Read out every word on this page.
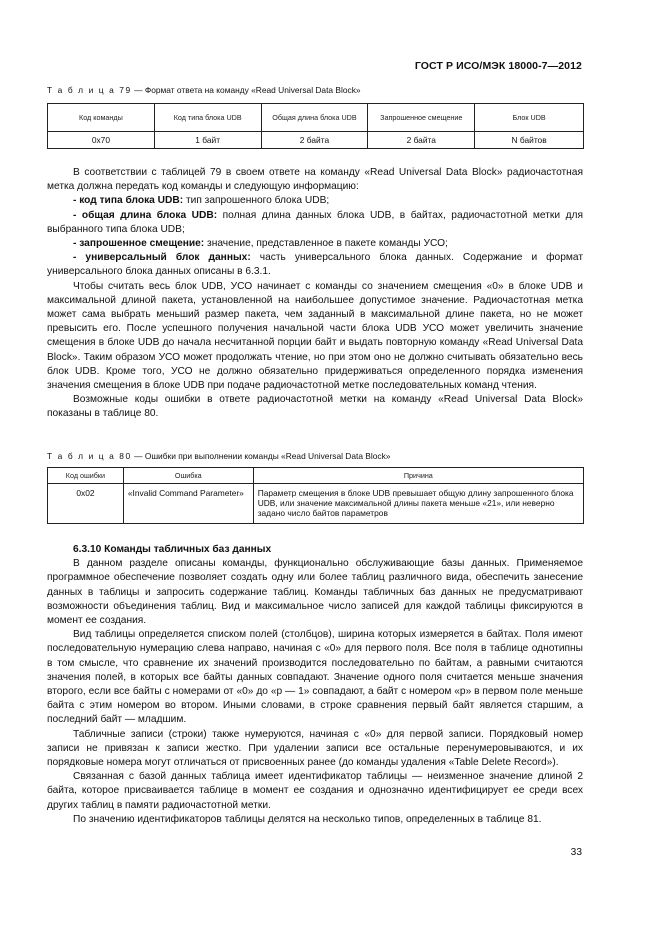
ГОСТ Р ИСО/МЭК 18000-7—2012
Т а б л и ц а 79 — Формат ответа на команду «Read Universal Data Block»
Код команды	Код типа блока UDB	Общая длина блока UDB	Запрошенное смещение	Блок UDB
0x70	1 байт	2 байта	2 байта	N байтов

В соответствии с таблицей 79 в своем ответе на команду «Read Universal Data Block» радиочастотная метка должна передать код команды и следующую информацию:

- код типа блока UDB: тип запрошенного блока UDB;

- общая длина блока UDB: полная длина данных блока UDB, в байтах, радиочастотной метки для выбранного типа блока UDB;

- запрошенное смещение: значение, представленное в пакете команды УСО;

- универсальный блок данных: часть универсального блока данных. Содержание и формат универсального блока данных описаны в 6.3.1.

Чтобы считать весь блок UDB, УСО начинает с команды со значением смещения «0» в блоке UDB и максимальной длиной пакета, установленной на наибольшее допустимое значение. Радиочастотная метка может сама выбрать меньший размер пакета, чем заданный в максимальной длине пакета, но не может превысить его. После успешного получения начальной части блока UDB УСО может увеличить значение смещения в блоке UDB до начала несчитанной порции байт и выдать повторную команду «Read Universal Data Block». Таким образом УСО может продолжать чтение, но при этом оно не должно считывать обязательно весь блок UDB. Кроме того, УСО не должно обязательно придерживаться определенного порядка изменения значения смещения в блоке UDB при подаче радиочастотной метке последовательных команд чтения.

Возможные коды ошибки в ответе радиочастотной метки на команду «Read Universal Data Block» показаны в таблице 80.

Т а б л и ц а 80 — Ошибки при выполнении команды «Read Universal Data Block»
Код ошибки	Ошибка	Причина
0x02	«Invalid Command Parameter»	Параметр смещения в блоке UDB превышает общую длину запрошенного блока UDB, или значение максимальной длины пакета меньше «21», или неверно задано число байтов параметров

6.3.10 Команды табличных баз данных

В данном разделе описаны команды, функционально обслуживающие базы данных. Применяемое программное обеспечение позволяет создать одну или более таблиц различного вида, обеспечить занесение данных в таблицы и запросить содержание таблиц. Команды табличных баз данных не предусматривают возможности объединения таблиц. Вид и максимальное число записей для каждой таблицы фиксируются в момент ее создания.

Вид таблицы определяется списком полей (столбцов), ширина которых измеряется в байтах. Поля имеют последовательную нумерацию слева направо, начиная с «0» для первого поля. Все поля в таблице однотипны в том смысле, что сравнение их значений производится последовательно по байтам, а равными считаются значения полей, в которых все байты данных совпадают. Значение одного поля считается меньше значения второго, если все байты с номерами от «0» до «p — 1» совпадают, а байт с номером «p» в первом поле меньше байта с этим номером во втором. Иными словами, в строке сравнения первый байт является старшим, а последний байт — младшим.

Табличные записи (строки) также нумеруются, начиная с «0» для первой записи. Порядковый номер записи не привязан к записи жестко. При удалении записи все остальные перенумеровываются, и их порядковые номера могут отличаться от присвоенных ранее (до команды удаления «Table Delete Record»).

Связанная с базой данных таблица имеет идентификатор таблицы — неизменное значение длиной 2 байта, которое присваивается таблице в момент ее создания и однозначно идентифицирует ее среди всех других таблиц в памяти радиочастотной метки.

По значению идентификаторов таблицы делятся на несколько типов, определенных в таблице 81.

33
